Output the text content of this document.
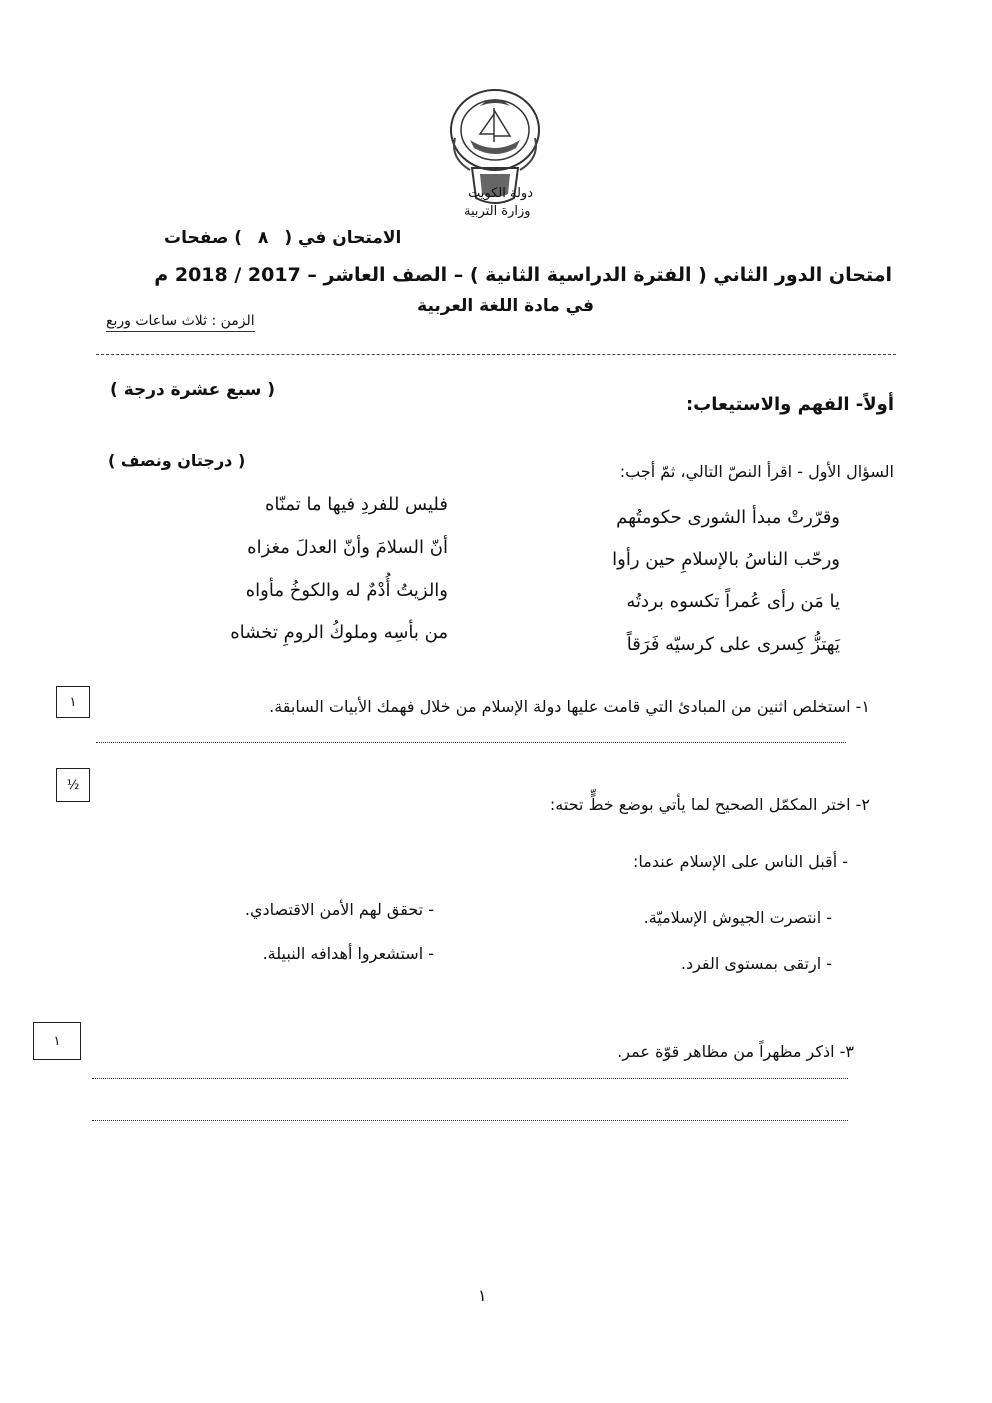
دولة الكويت
وزارة التربية
الامتحان في ( ٨ ) صفحات
امتحان الدور الثاني ( الفترة الدراسية الثانية ) – الصف العاشر – 2017 / 2018 م
في مادة اللغة العربية
الزمن : ثلاث ساعات وربع
أولاً- الفهم والاستيعاب:
( سبع عشرة درجة )
السؤال الأول - اقرأ النصّ التالي، ثمّ أجب:
( درجتان ونصف )
وقرّرتْ مبدأ الشورى حكومتُهم
فليس للفردِ فيها ما تمنّاه
ورحّب الناسُ بالإسلامِ حين رأوا
أنّ السلامَ وأنّ العدلَ مغزاه
يا مَن رأى عُمراً تكسوه بردتُه
والزيتُ أُدْمٌ له والكوخُ مأواه
يَهتزُّ كِسرى على كرسيّه فَرَقاً
من بأسِه وملوكُ الرومِ تخشاه
١	١- استخلص اثنين من المبادئ التي قامت عليها دولة الإسلام من خلال فهمك الأبيات السابقة.
½
٢- اختر المكمّل الصحيح لما يأتي بوضع خطٍّ تحته:
- أقبل الناس على الإسلام عندما:
- انتصرت الجيوش الإسلاميّة.
- تحقق لهم الأمن الاقتصادي.
- ارتقى بمستوى الفرد.
- استشعروا أهدافه النبيلة.
١
٣- اذكر مظهراً من مظاهر قوّة عمر.
١
